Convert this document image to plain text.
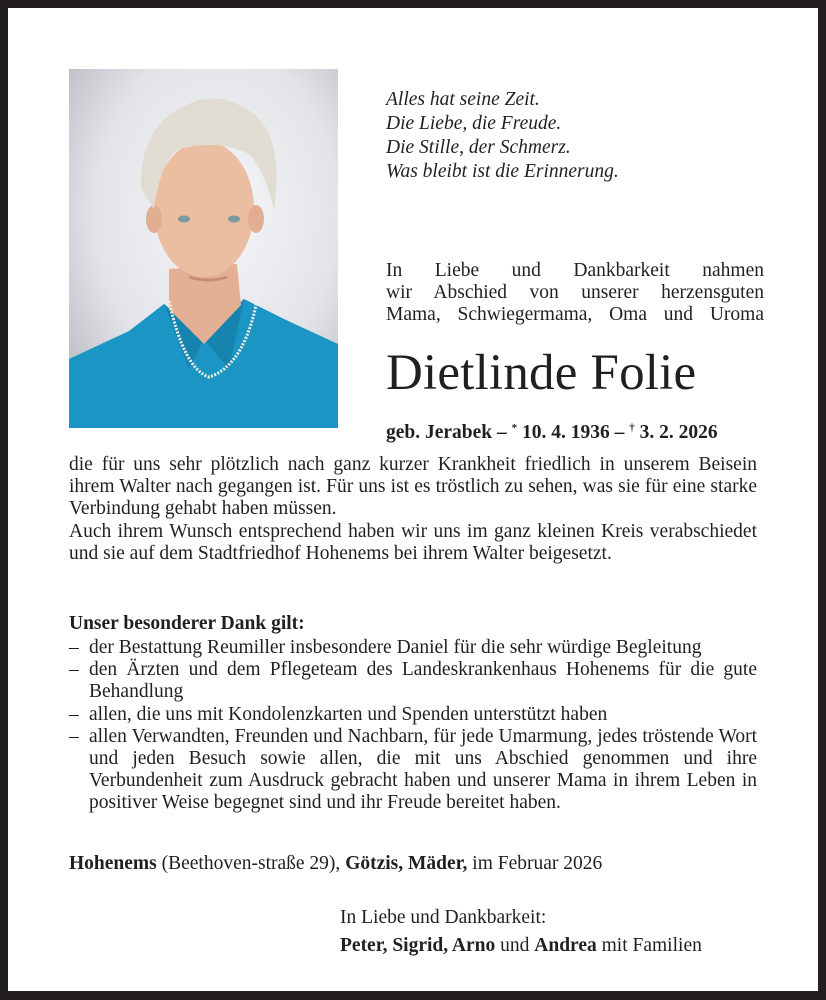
Alles hat seine Zeit.
Die Liebe, die Freude.
Die Stille, der Schmerz.
Was bleibt ist die Erinnerung.
In Liebe und Dankbarkeit nahmen
wir Abschied von unserer herzensguten
Mama, Schwiegermama, Oma und Uroma
Dietlinde Folie
geb. Jerabek – * 10. 4. 1936 – † 3. 2. 2026

die für uns sehr plötzlich nach ganz kurzer Krankheit friedlich in unserem Beisein ihrem Walter nach gegangen ist. Für uns ist es tröstlich zu sehen, was sie für eine starke Verbindung gehabt haben müssen.

Auch ihrem Wunsch entsprechend haben wir uns im ganz kleinen Kreis verabschiedet und sie auf dem Stadtfriedhof Hohenems bei ihrem Walter beigesetzt.

Unser besonderer Dank gilt:
– der Bestattung Reumiller insbesondere Daniel für die sehr würdige Begleitung
– den Ärzten und dem Pflegeteam des Landeskrankenhaus Hohenems für die gute Behandlung
– allen, die uns mit Kondolenzkarten und Spenden unterstützt haben
– allen Verwandten, Freunden und Nachbarn, für jede Umarmung, jedes tröstende Wort und jeden Besuch sowie allen, die mit uns Abschied genommen und ihre Verbundenheit zum Ausdruck gebracht haben und unserer Mama in ihrem Leben in positiver Weise begegnet sind und ihr Freude bereitet haben.
Hohenems (Beethoven-straße 29), Götzis, Mäder, im Februar 2026
In Liebe und Dankbarkeit:
Peter, Sigrid, Arno und Andrea mit Familien
